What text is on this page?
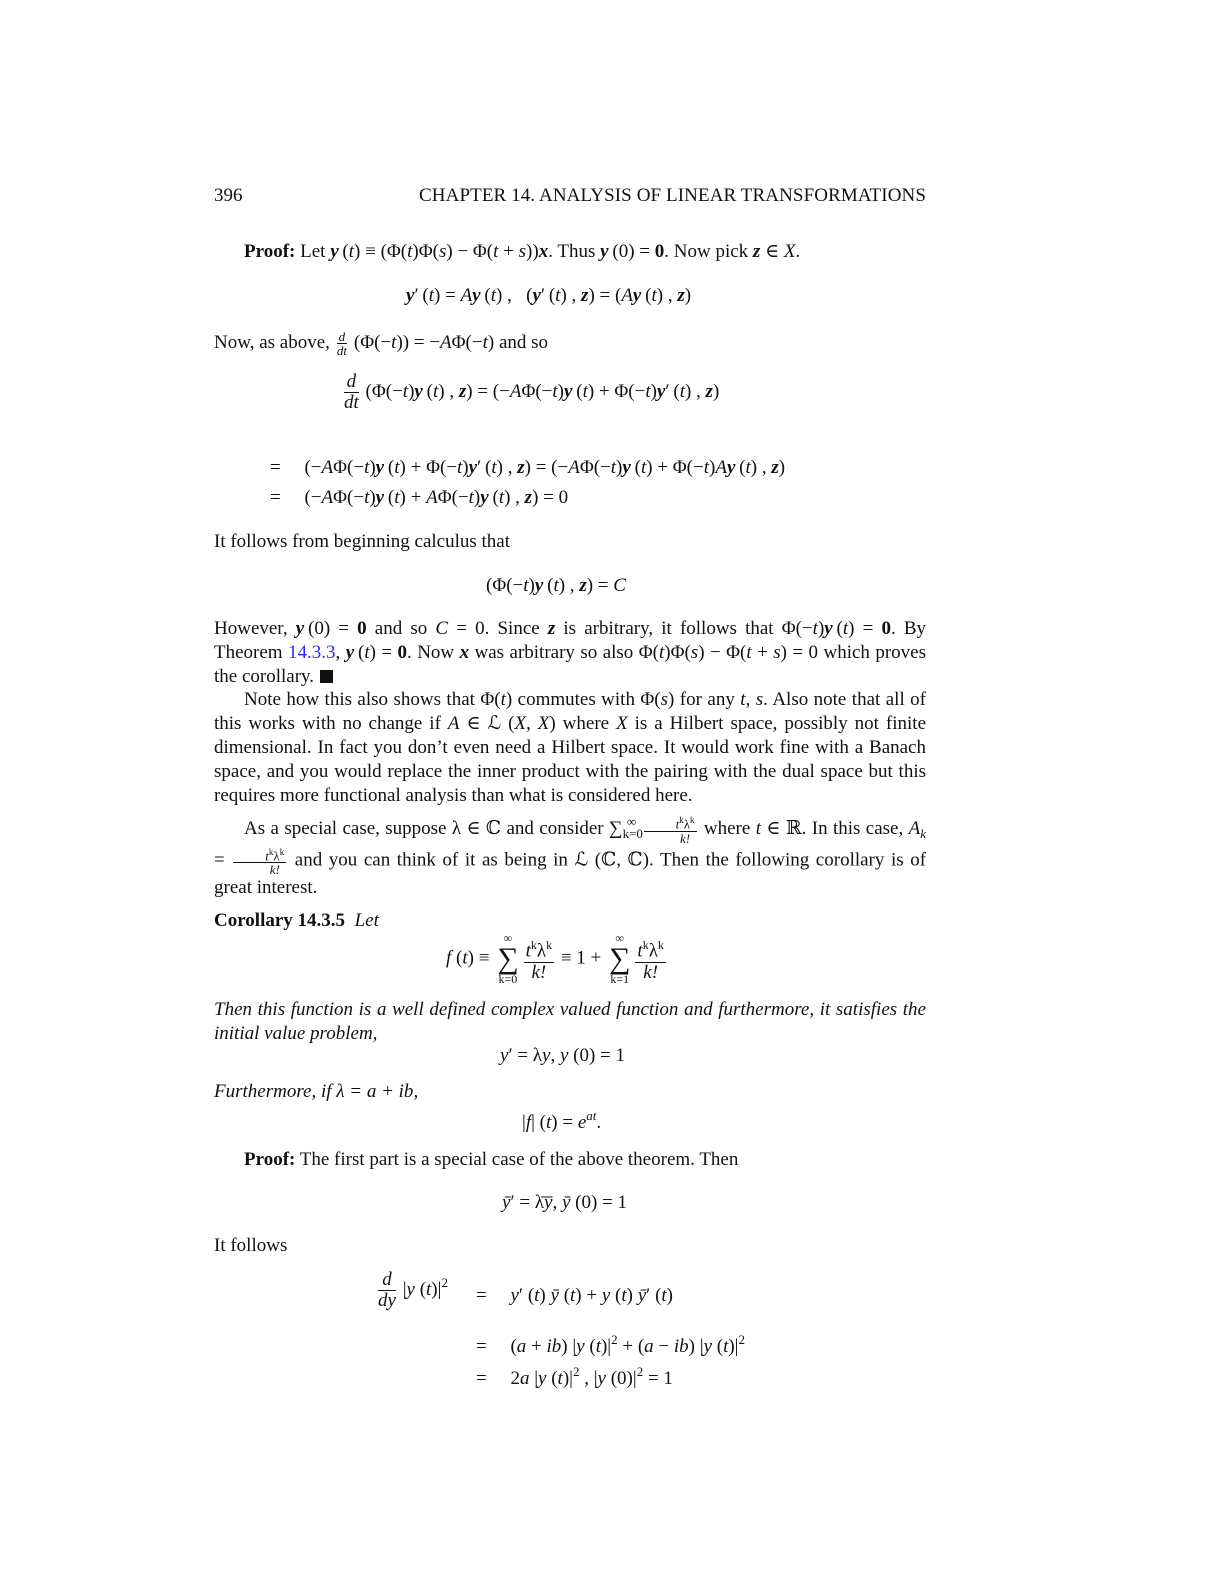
396	CHAPTER 14. ANALYSIS OF LINEAR TRANSFORMATIONS
Proof: Let y (t) ≡ (Φ(t)Φ(s) − Φ(t + s))x. Thus y (0) = 0. Now pick z ∈ X.
y′ (t) = Ay (t) ,   (y′ (t) , z) = (Ay (t) , z)
Now, as above, $\frac{d}{dt} (\Phi(-t)) = -A\Phi(-t)$ and so
$\frac{d}{dt} (\Phi(-t)y$ (t) , z) = (−AΦ(−t)y (t) + Φ(−t)y′ (t) , z)
=     (−AΦ(−t)y (t) + Φ(−t)y′ (t) , z) = (−AΦ(−t)y (t) + Φ(−t)Ay (t) , z)
=     (−AΦ(−t)y (t) + AΦ(−t)y (t) , z) = 0
It follows from beginning calculus that
(Φ(−t)y (t) , z) = C
However, y (0) = 0 and so C = 0. Since z is arbitrary, it follows that Φ(−t)y (t) = 0. By Theorem 14.3.3, y (t) = 0. Now x was arbitrary so also Φ(t)Φ(s) − Φ(t + s) = 0 which proves the corollary.
Note how this also shows that Φ(t) commutes with Φ(s) for any t, s. Also note that all of this works with no change if A ∈ ℒ (X, X) where X is a Hilbert space, possibly not finite dimensional. In fact you don’t even need a Hilbert space. It would work fine with a Banach space, and you would replace the inner product with the pairing with the dual space but this requires more functional analysis than what is considered here.
As a special case, suppose λ ∈ ℂ and consider $\sum_{k=0}^\infty \frac{t^k\lambda^k}{k!}$ where t ∈ ℝ. In this case, $A_k = \frac{t^k\lambda^k}{k!}$ and you can think of it as being in ℒ (ℂ, ℂ). Then the following corollary is of great interest.
Corollary 14.3.5 Let
f (t) ≡
∞
∑
$k=0 \frac{t^k\lambda^k}{k!} \equiv 1$ +
∞
∑
$k=1 \frac{t^k\lambda^k}{k!}$
Then this function is a well defined complex valued function and furthermore, it satisfies the initial value problem,
y′ = λy, y (0) = 1
Furthermore, if λ = a + ib,
|f| $(t) = e^{at}$.
Proof: The first part is a special case of the above theorem. Then
ȳ′ = λ̄ȳ, ȳ (0) = 1
It follows
$\frac{d}{dy} |y$ $(t)|^2$
=     y′ (t) ȳ (t) + y (t) ȳ′ (t)
=     (a + ib) |y $(t)|^2 + (a - ib)$ |y $(t)|^2$
=     2a |y $(t)|^2$ , |y $(0)|^2 = 1$
